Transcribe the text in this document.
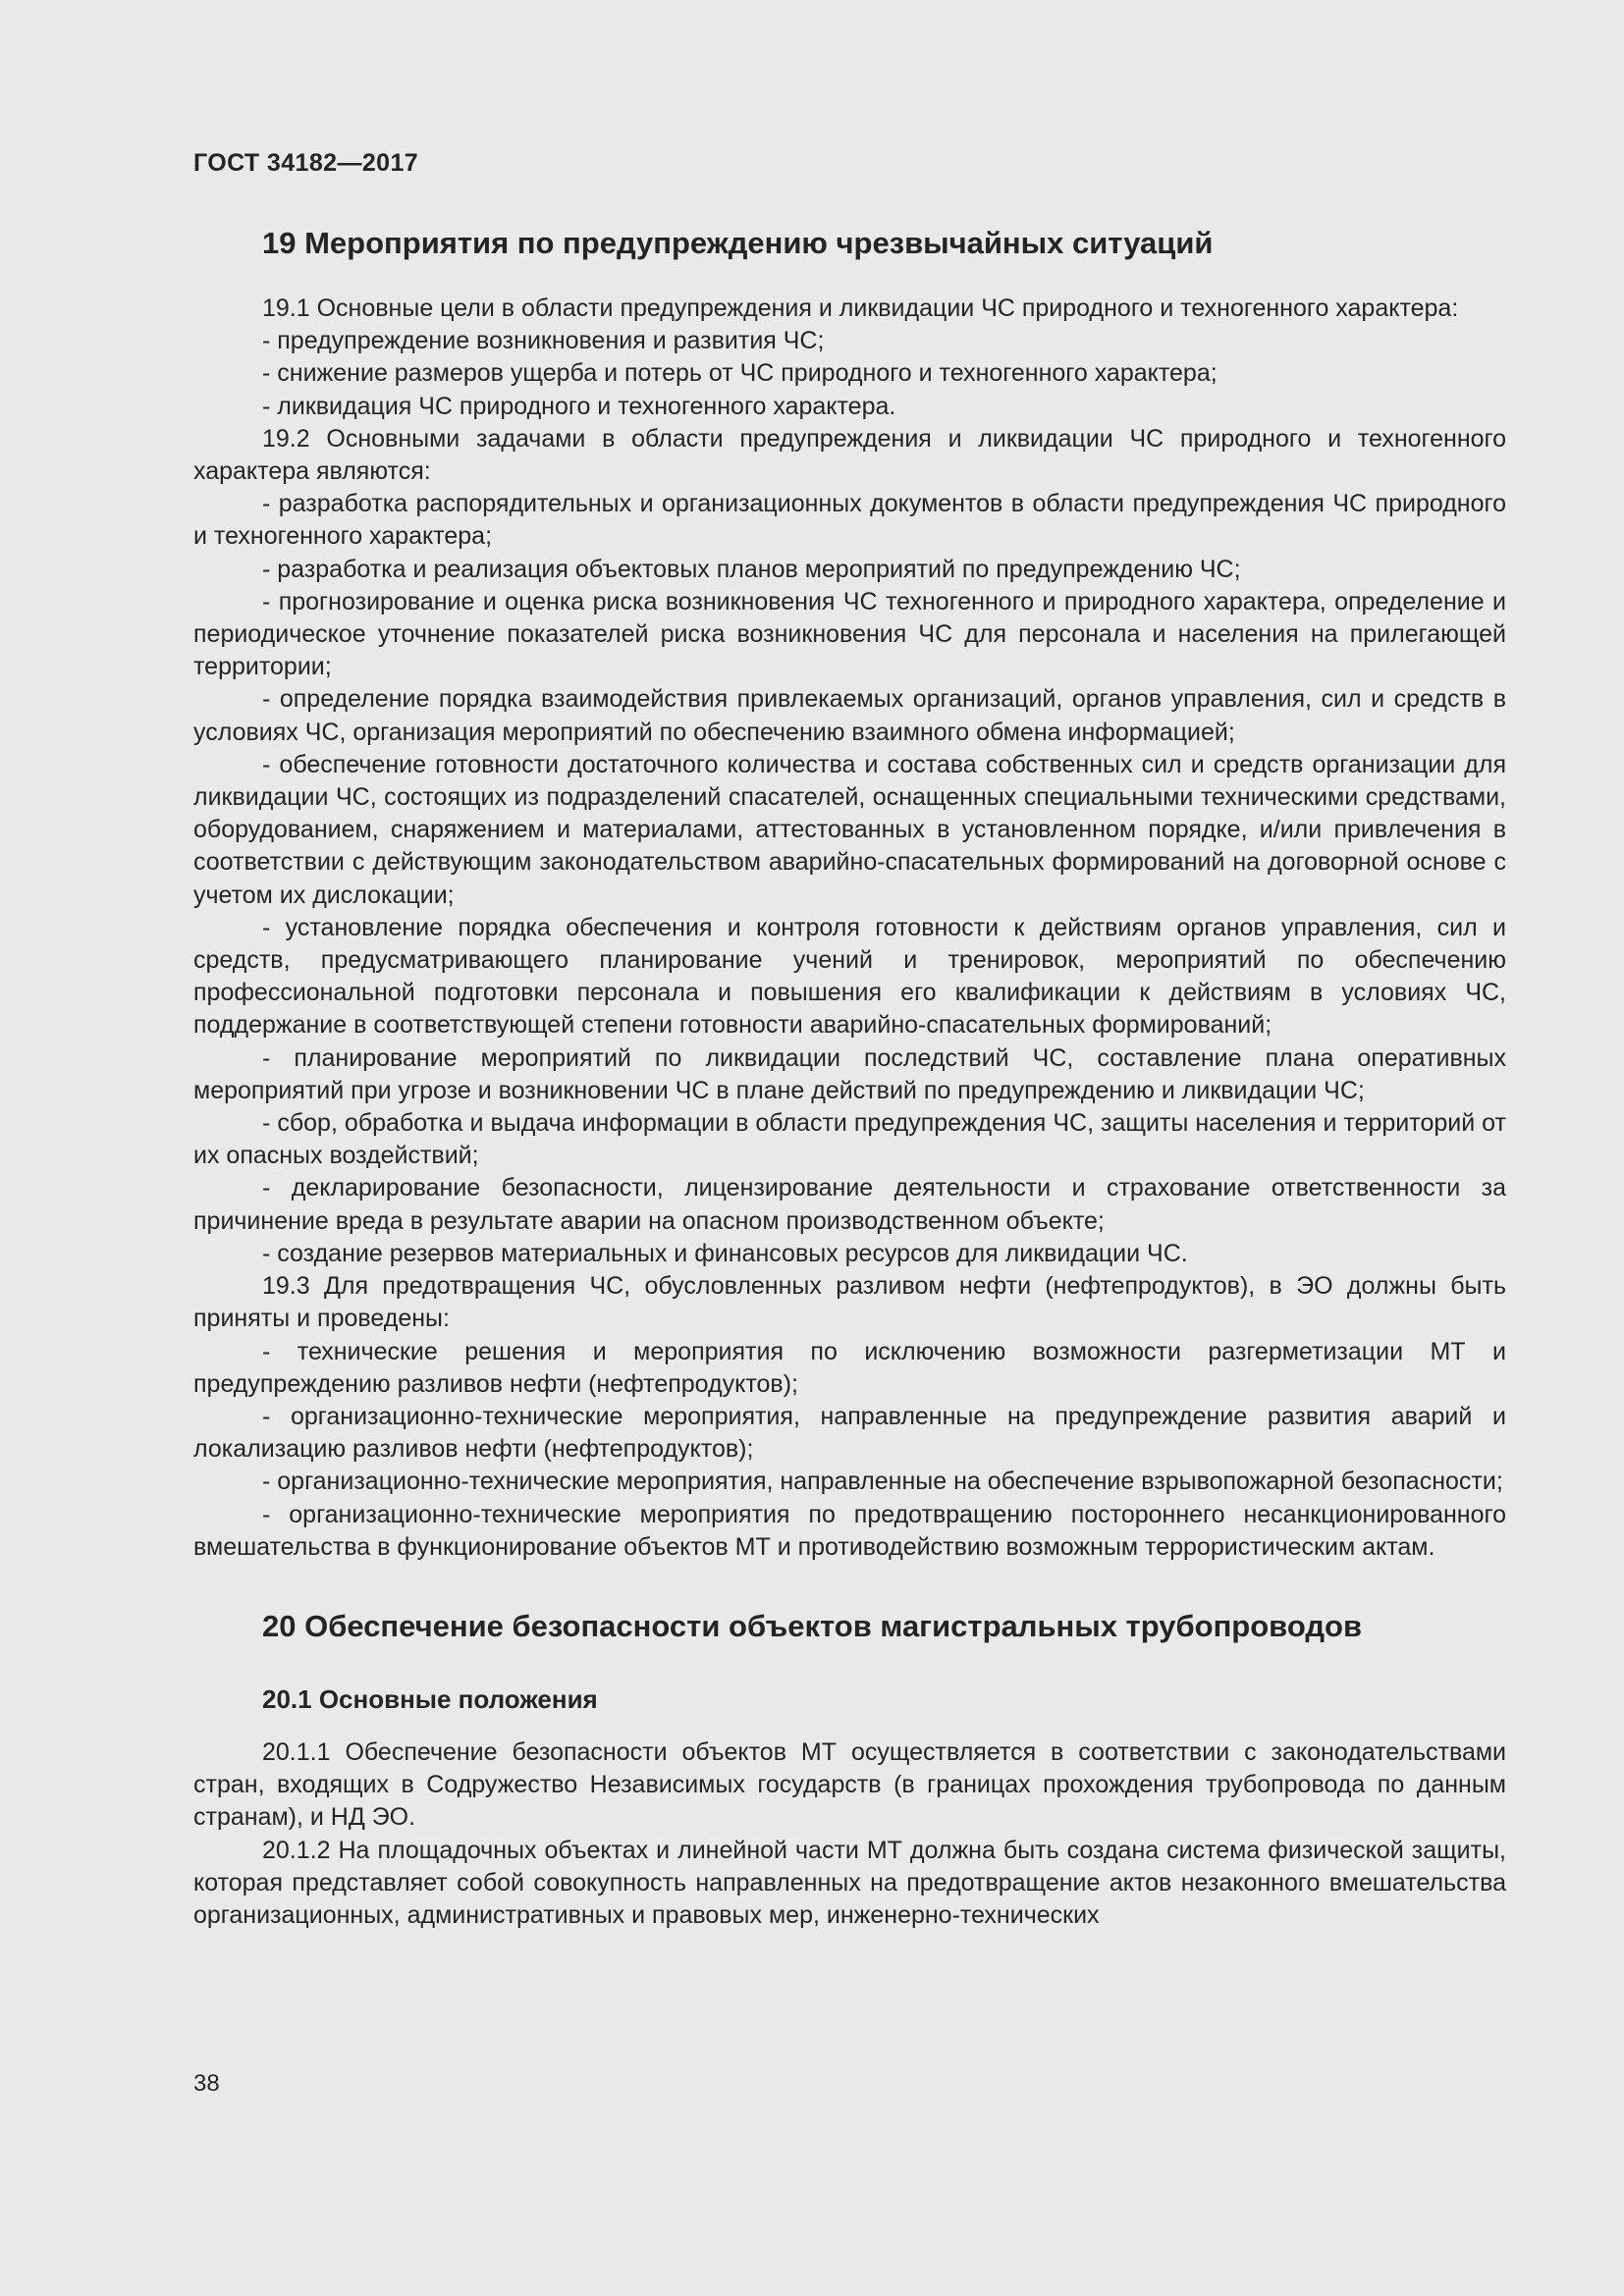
ГОСТ 34182—2017
19 Мероприятия по предупреждению чрезвычайных ситуаций

19.1 Основные цели в области предупреждения и ликвидации ЧС природного и техногенного характера:

- предупреждение возникновения и развития ЧС;

- снижение размеров ущерба и потерь от ЧС природного и техногенного характера;

- ликвидация ЧС природного и техногенного характера.

19.2 Основными задачами в области предупреждения и ликвидации ЧС природного и техногенного характера являются:

- разработка распорядительных и организационных документов в области предупреждения ЧС природного и техногенного характера;

- разработка и реализация объектовых планов мероприятий по предупреждению ЧС;

- прогнозирование и оценка риска возникновения ЧС техногенного и природного характера, определение и периодическое уточнение показателей риска возникновения ЧС для персонала и населения на прилегающей территории;

- определение порядка взаимодействия привлекаемых организаций, органов управления, сил и средств в условиях ЧС, организация мероприятий по обеспечению взаимного обмена информацией;

- обеспечение готовности достаточного количества и состава собственных сил и средств организации для ликвидации ЧС, состоящих из подразделений спасателей, оснащенных специальными техническими средствами, оборудованием, снаряжением и материалами, аттестованных в установленном порядке, и/или привлечения в соответствии с действующим законодательством аварийно-спасательных формирований на договорной основе с учетом их дислокации;

- установление порядка обеспечения и контроля готовности к действиям органов управления, сил и средств, предусматривающего планирование учений и тренировок, мероприятий по обеспечению профессиональной подготовки персонала и повышения его квалификации к действиям в условиях ЧС, поддержание в соответствующей степени готовности аварийно-спасательных формирований;

- планирование мероприятий по ликвидации последствий ЧС, составление плана оперативных мероприятий при угрозе и возникновении ЧС в плане действий по предупреждению и ликвидации ЧС;

- сбор, обработка и выдача информации в области предупреждения ЧС, защиты населения и территорий от их опасных воздействий;

- декларирование безопасности, лицензирование деятельности и страхование ответственности за причинение вреда в результате аварии на опасном производственном объекте;

- создание резервов материальных и финансовых ресурсов для ликвидации ЧС.

19.3 Для предотвращения ЧС, обусловленных разливом нефти (нефтепродуктов), в ЭО должны быть приняты и проведены:

- технические решения и мероприятия по исключению возможности разгерметизации МТ и предупреждению разливов нефти (нефтепродуктов);

- организационно-технические мероприятия, направленные на предупреждение развития аварий и локализацию разливов нефти (нефтепродуктов);

- организационно-технические мероприятия, направленные на обеспечение взрывопожарной безопасности;

- организационно-технические мероприятия по предотвращению постороннего несанкционированного вмешательства в функционирование объектов МТ и противодействию возможным террористическим актам.

20 Обеспечение безопасности объектов магистральных трубопроводов
20.1 Основные положения

20.1.1 Обеспечение безопасности объектов МТ осуществляется в соответствии с законодательствами стран, входящих в Содружество Независимых государств (в границах прохождения трубопровода по данным странам), и НД ЭО.

20.1.2 На площадочных объектах и линейной части МТ должна быть создана система физической защиты, которая представляет собой совокупность направленных на предотвращение актов незаконного вмешательства организационных, административных и правовых мер, инженерно-технических

38
